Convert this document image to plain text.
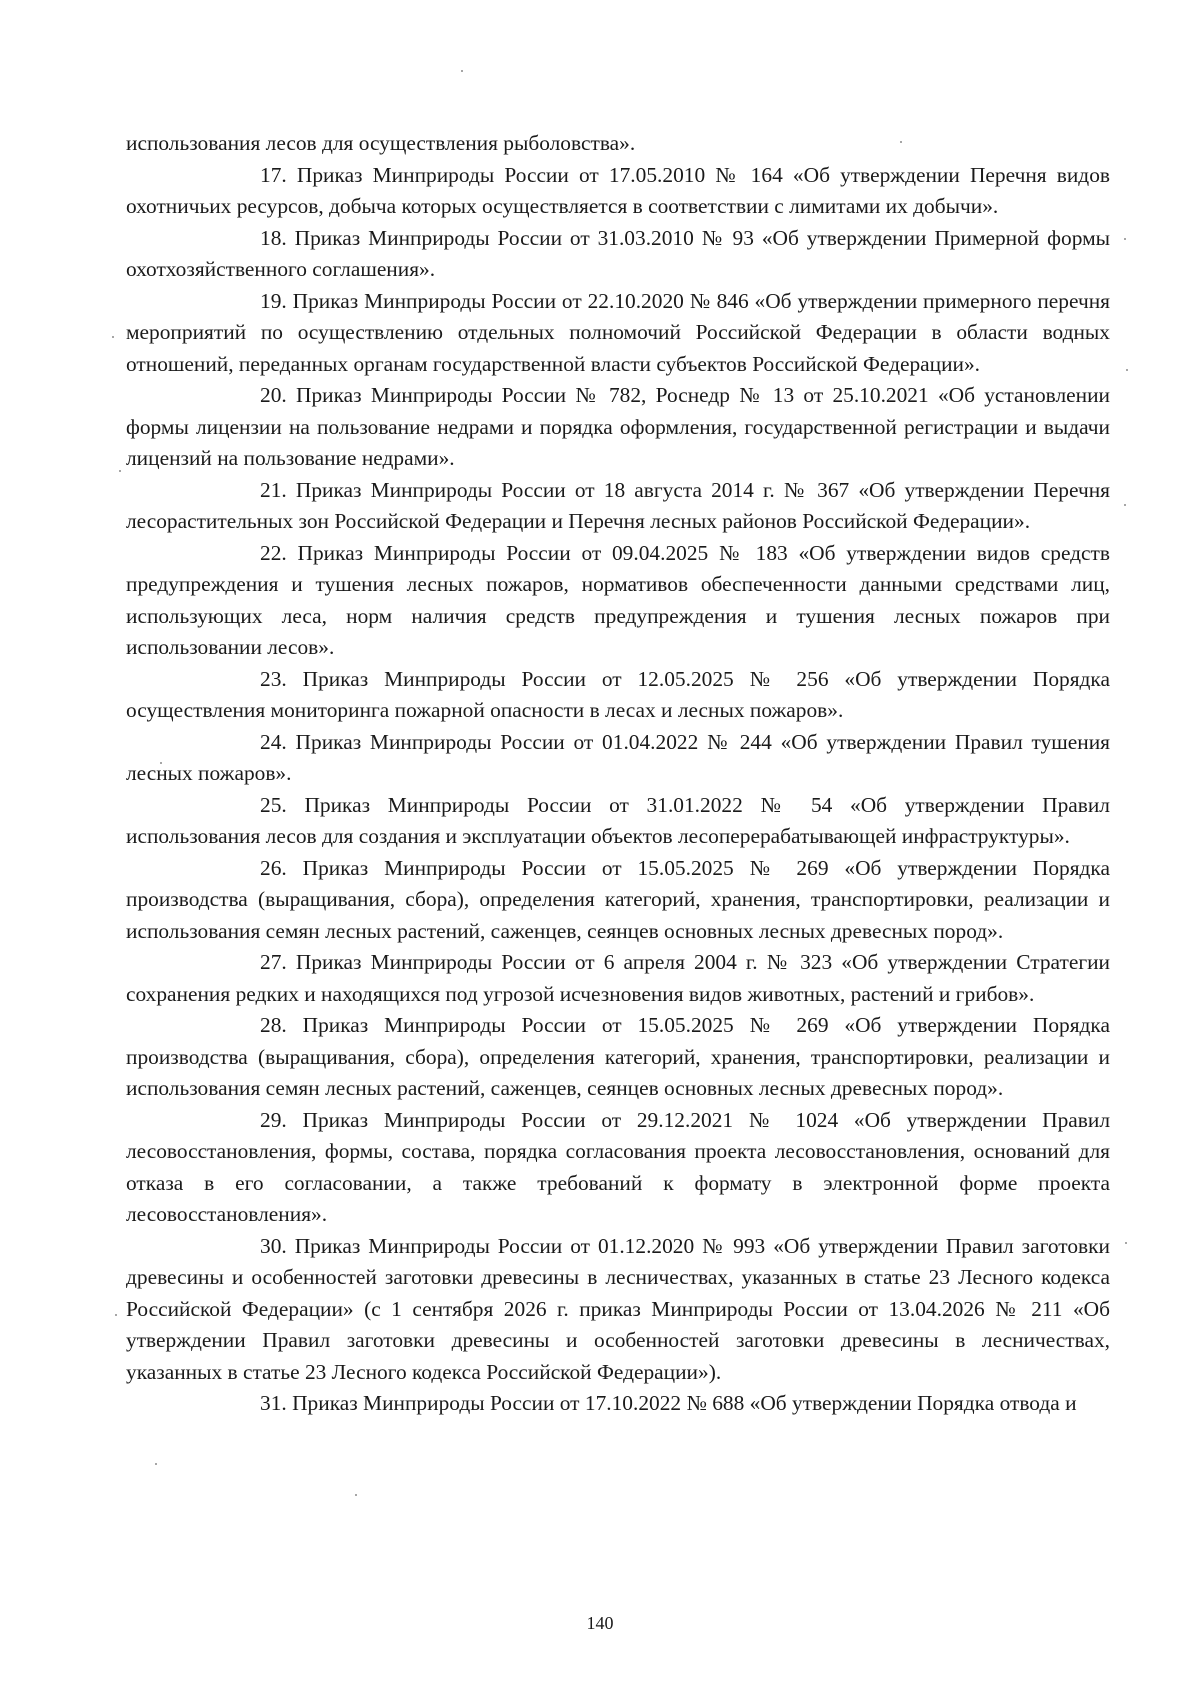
использования лесов для осуществления рыболовства».

17. Приказ Минприроды России от 17.05.2010 № 164 «Об утверждении Перечня видов охотничьих ресурсов, добыча которых осуществляется в соответствии с лимитами их добычи».

18. Приказ Минприроды России от 31.03.2010 № 93 «Об утверждении Примерной формы охотхозяйственного соглашения».

19. Приказ Минприроды России от 22.10.2020 № 846 «Об утверждении примерного перечня мероприятий по осуществлению отдельных полномочий Российской Федерации в области водных отношений, переданных органам государственной власти субъектов Российской Федерации».

20. Приказ Минприроды России № 782, Роснедр № 13 от 25.10.2021 «Об установлении формы лицензии на пользование недрами и порядка оформления, государственной регистрации и выдачи лицензий на пользование недрами».

21. Приказ Минприроды России от 18 августа 2014 г. № 367 «Об утверждении Перечня лесорастительных зон Российской Федерации и Перечня лесных районов Российской Федерации».

22. Приказ Минприроды России от 09.04.2025 № 183 «Об утверждении видов средств предупреждения и тушения лесных пожаров, нормативов обеспеченности данными средствами лиц, использующих леса, норм наличия средств предупреждения и тушения лесных пожаров при использовании лесов».

23. Приказ Минприроды России от 12.05.2025 № 256 «Об утверждении Порядка осуществления мониторинга пожарной опасности в лесах и лесных пожаров».

24. Приказ Минприроды России от 01.04.2022 № 244 «Об утверждении Правил тушения лесных пожаров».

25. Приказ Минприроды России от 31.01.2022 № 54 «Об утверждении Правил использования лесов для создания и эксплуатации объектов лесоперерабатывающей инфраструктуры».

26. Приказ Минприроды России от 15.05.2025 № 269 «Об утверждении Порядка производства (выращивания, сбора), определения категорий, хранения, транспортировки, реализации и использования семян лесных растений, саженцев, сеянцев основных лесных древесных пород».

27. Приказ Минприроды России от 6 апреля 2004 г. № 323 «Об утверждении Стратегии сохранения редких и находящихся под угрозой исчезновения видов животных, растений и грибов».

28. Приказ Минприроды России от 15.05.2025 № 269 «Об утверждении Порядка производства (выращивания, сбора), определения категорий, хранения, транспортировки, реализации и использования семян лесных растений, саженцев, сеянцев основных лесных древесных пород».

29. Приказ Минприроды России от 29.12.2021 № 1024 «Об утверждении Правил лесовосстановления, формы, состава, порядка согласования проекта лесовосстановления, оснований для отказа в его согласовании, а также требований к формату в электронной форме проекта лесовосстановления».

30. Приказ Минприроды России от 01.12.2020 № 993 «Об утверждении Правил заготовки древесины и особенностей заготовки древесины в лесничествах, указанных в статье 23 Лесного кодекса Российской Федерации» (с 1 сентября 2026 г. приказ Минприроды России от 13.04.2026 № 211 «Об утверждении Правил заготовки древесины и особенностей заготовки древесины в лесничествах, указанных в статье 23 Лесного кодекса Российской Федерации»).

31. Приказ Минприроды России от 17.10.2022 № 688 «Об утверждении Порядка отвода и

140
